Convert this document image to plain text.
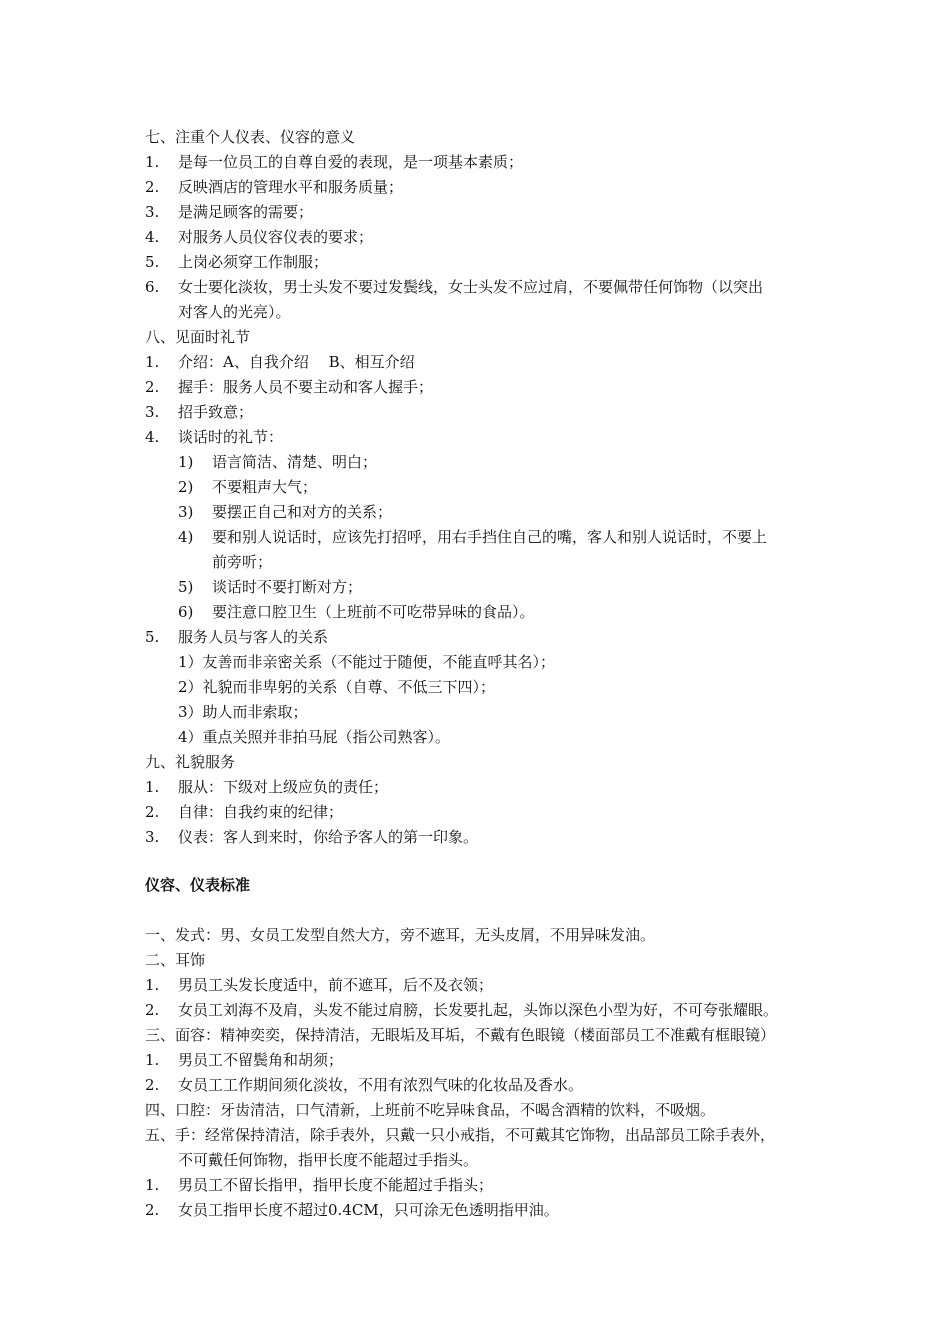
七、注重个人仪表、仪容的意义
1. 是每一位员工的自尊自爱的表现，是一项基本素质；
2. 反映酒店的管理水平和服务质量；
3. 是满足顾客的需要；
4. 对服务人员仪容仪表的要求；
5. 上岗必须穿工作制服；
6. 女士要化淡妆，男士头发不要过发鬓线，女士头发不应过肩，不要佩带任何饰物（以突出
对客人的光亮）。
八、见面时礼节
1. 介绍：A、自我介绍　 B、相互介绍
2. 握手：服务人员不要主动和客人握手；
3. 招手致意；
4. 谈话时的礼节：
1) 语言简洁、清楚、明白；
2) 不要粗声大气；
3) 要摆正自己和对方的关系；
4) 要和别人说话时，应该先打招呼，用右手挡住自己的嘴，客人和别人说话时，不要上
前旁听；
5) 谈话时不要打断对方；
6) 要注意口腔卫生（上班前不可吃带异味的食品）。
5. 服务人员与客人的关系
1）友善而非亲密关系（不能过于随便，不能直呼其名）；
2）礼貌而非卑躬的关系（自尊、不低三下四）；
3）助人而非索取；
4）重点关照并非拍马屁（指公司熟客）。
九、礼貌服务
1. 服从：下级对上级应负的责任；
2. 自律：自我约束的纪律；
3. 仪表：客人到来时，你给予客人的第一印象。
仪容、仪表标准
一、发式：男、女员工发型自然大方，旁不遮耳，无头皮屑，不用异味发油。
二、耳饰
1. 男员工头发长度适中，前不遮耳，后不及衣领；
2. 女员工刘海不及肩，头发不能过肩膀，长发要扎起，头饰以深色小型为好，不可夸张耀眼。
三、面容：精神奕奕，保持清洁，无眼垢及耳垢，不戴有色眼镜（楼面部员工不准戴有框眼镜）
1. 男员工不留鬓角和胡须；
2. 女员工工作期间须化淡妆，不用有浓烈气味的化妆品及香水。
四、口腔：牙齿清洁，口气清新，上班前不吃异味食品，不喝含酒精的饮料，不吸烟。
五、手：经常保持清洁，除手表外，只戴一只小戒指，不可戴其它饰物，出品部员工除手表外，
不可戴任何饰物，指甲长度不能超过手指头。
1. 男员工不留长指甲，指甲长度不能超过手指头；
2. 女员工指甲长度不超过0.4CM，只可涂无色透明指甲油。
